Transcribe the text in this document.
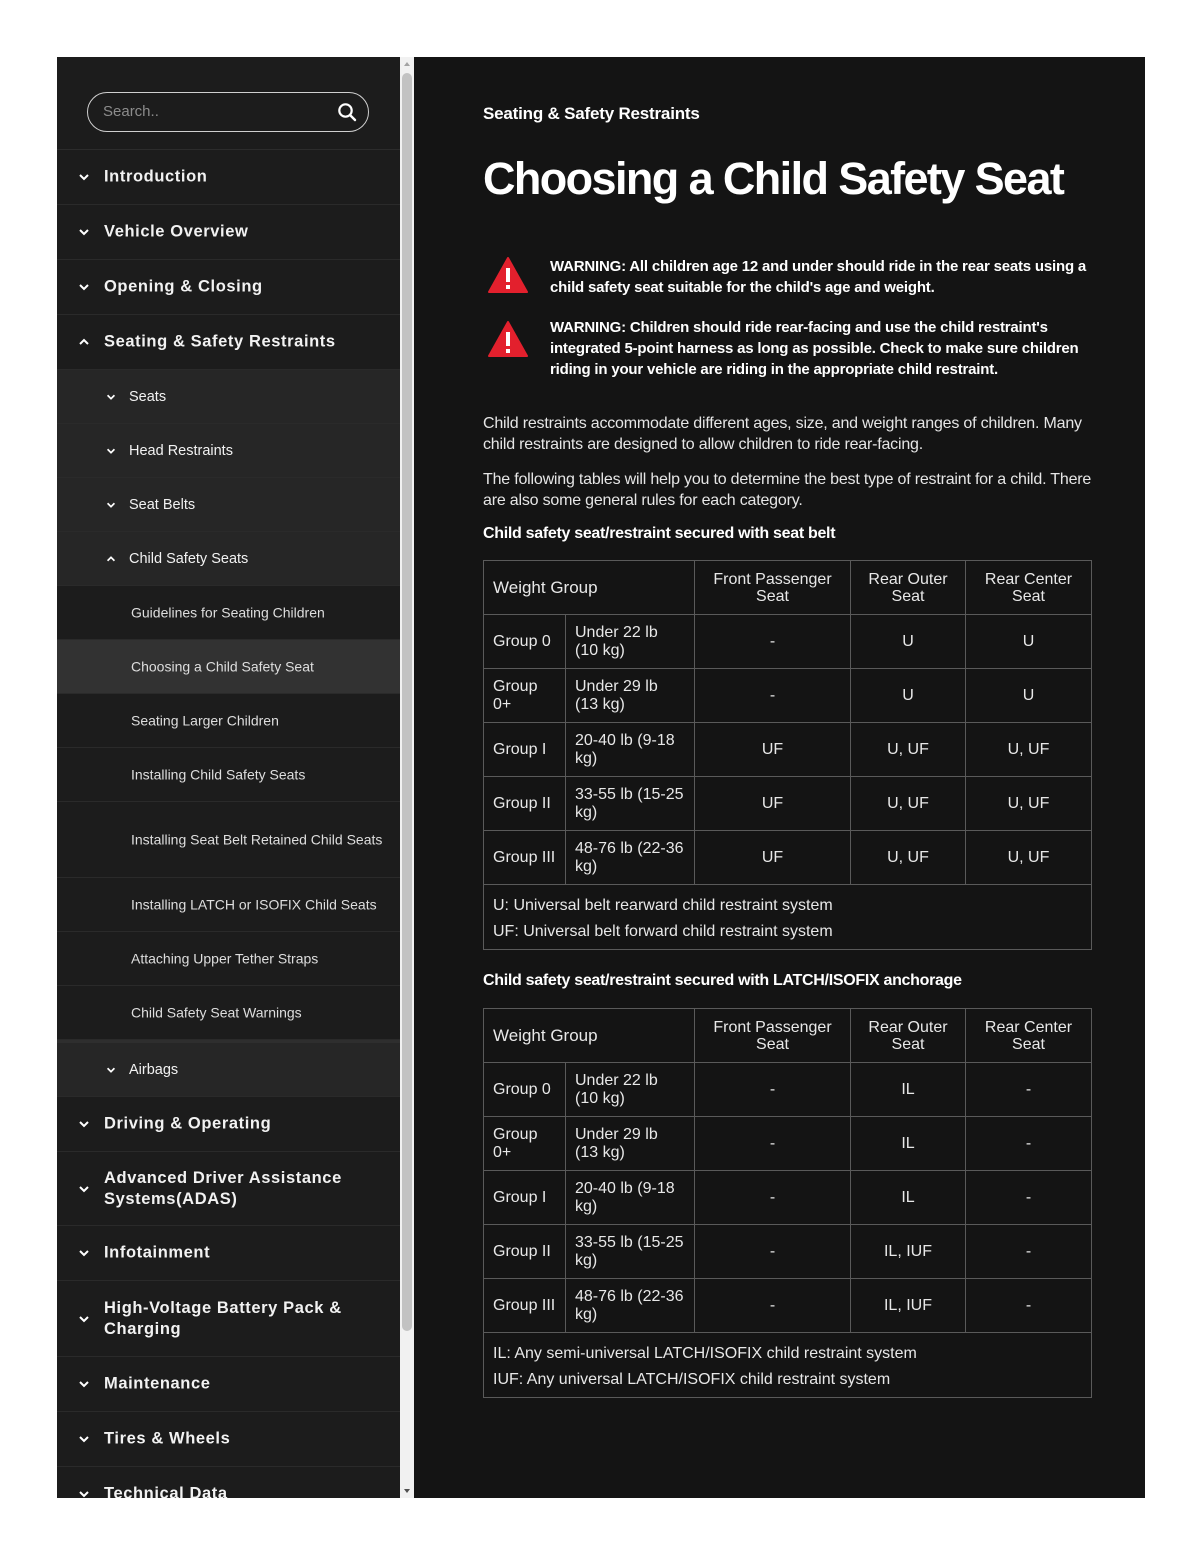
Search..
Introduction
Vehicle Overview
Opening & Closing
Seating & Safety Restraints
Seats
Head Restraints
Seat Belts
Child Safety Seats
Guidelines for Seating Children
Choosing a Child Safety Seat
Seating Larger Children
Installing Child Safety Seats
Installing Seat Belt Retained Child Seats
Installing LATCH or ISOFIX Child Seats
Attaching Upper Tether Straps
Child Safety Seat Warnings
Airbags
Driving & Operating
Advanced Driver Assistance Systems(ADAS)
Infotainment
High-Voltage Battery Pack & Charging
Maintenance
Tires & Wheels
Technical Data
Seating & Safety Restraints
Choosing a Child Safety Seat
WARNING: All children age 12 and under should ride in the rear seats using a child safety seat suitable for the child's age and weight.
WARNING: Children should ride rear-facing and use the child restraint's integrated 5-point harness as long as possible. Check to make sure children riding in your vehicle are riding in the appropriate child restraint.

Child restraints accommodate different ages, size, and weight ranges of children. Many child restraints are designed to allow children to ride rear-facing.

The following tables will help you to determine the best type of restraint for a child. There are also some general rules for each category.

Child safety seat/restraint secured with seat belt
Weight Group		Front Passenger Seat	Rear Outer Seat	Rear Center Seat
Group 0	Under 22 lb (10 kg)	-	U	U
Group 0+	Under 29 lb (13 kg)	-	U	U
Group I	20-40 lb (9-18 kg)	UF	U, UF	U, UF
Group II	33-55 lb (15-25 kg)	UF	U, UF	U, UF
Group III	48-76 lb (22-36 kg)	UF	U, UF	U, UF

U: Universal belt rearward child restraint system
UF: Universal belt forward child restraint system				
Child safety seat/restraint secured with LATCH/ISOFIX anchorage
Weight Group		Front Passenger Seat	Rear Outer Seat	Rear Center Seat
Group 0	Under 22 lb (10 kg)	-	IL	-
Group 0+	Under 29 lb (13 kg)	-	IL	-
Group I	20-40 lb (9-18 kg)	-	IL	-
Group II	33-55 lb (15-25 kg)	-	IL, IUF	-
Group III	48-76 lb (22-36 kg)	-	IL, IUF	-

IL: Any semi-universal LATCH/ISOFIX child restraint system
IUF: Any universal LATCH/ISOFIX child restraint system				
